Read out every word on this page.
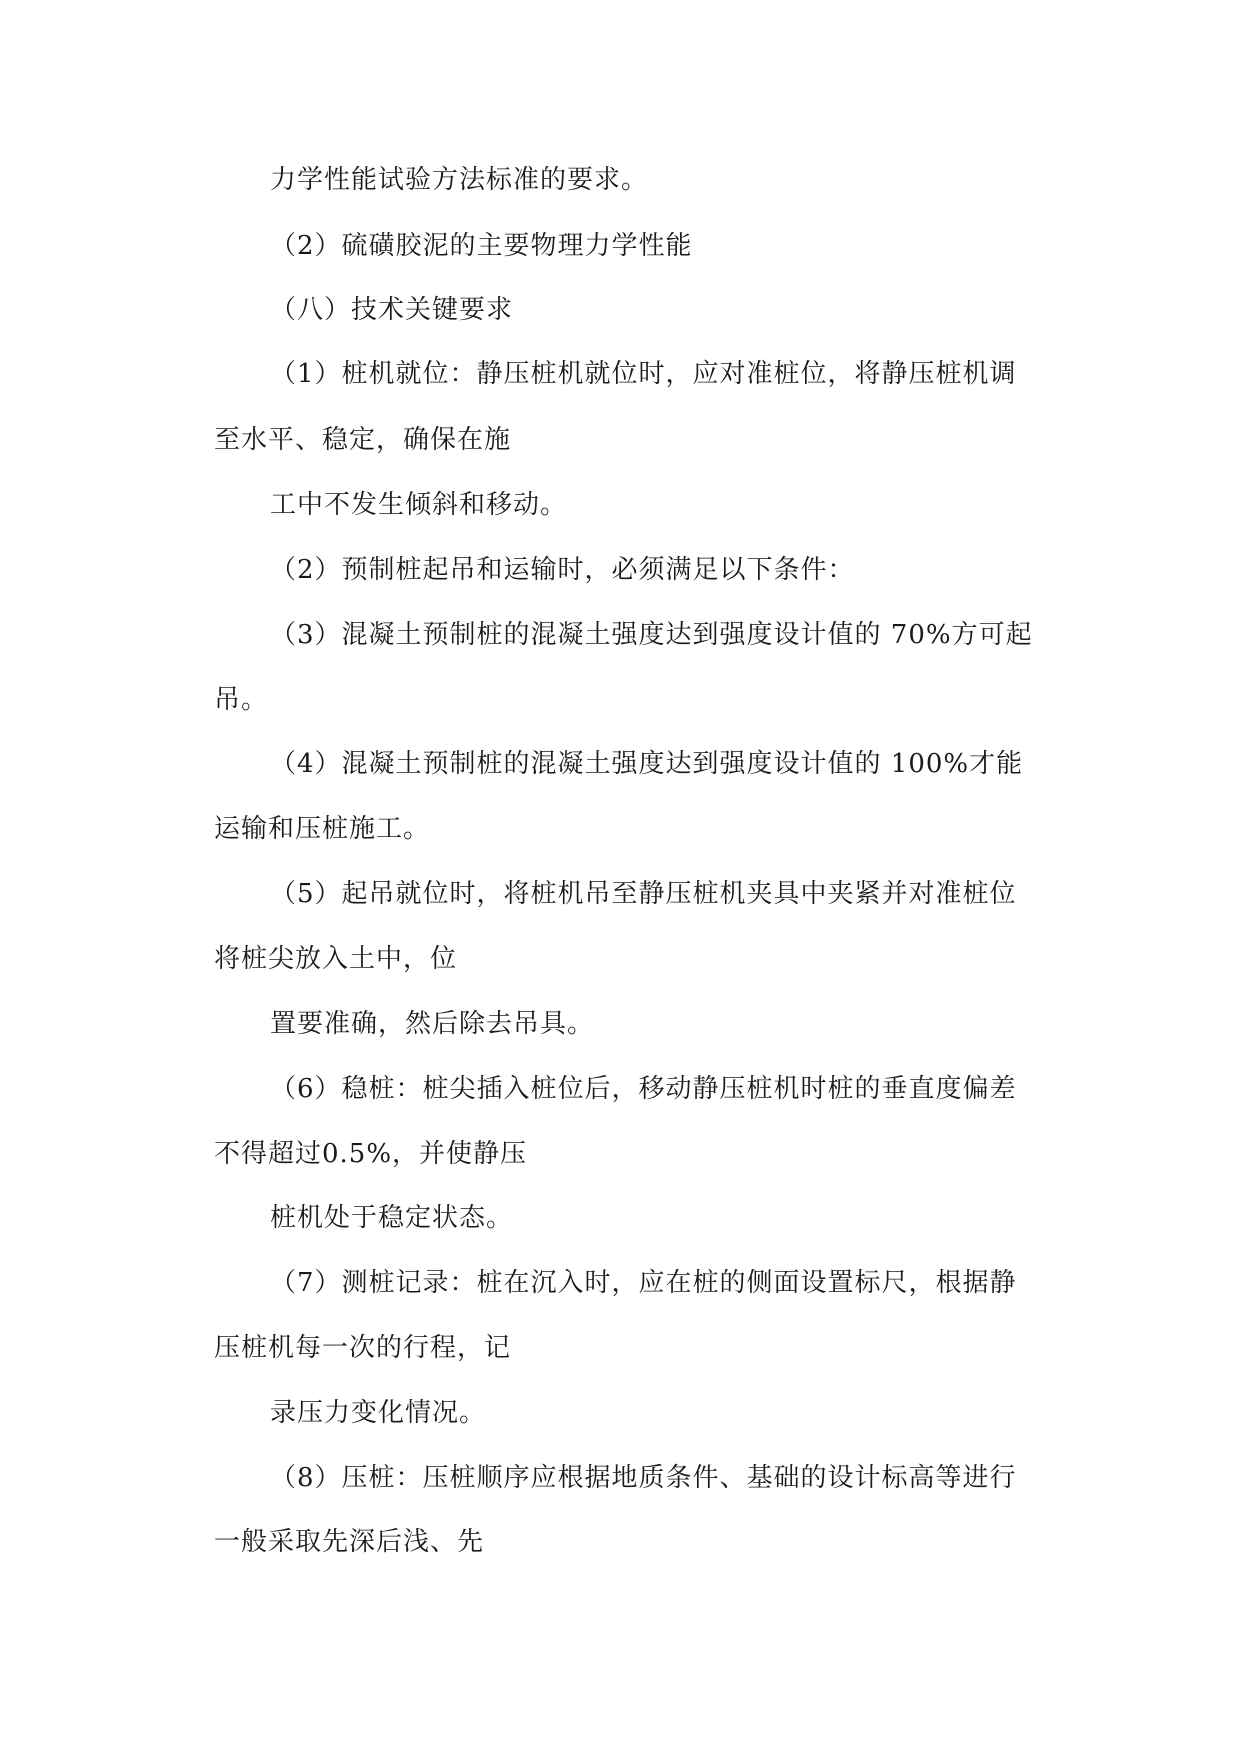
力学性能试验方法标准的要求。
（2）硫磺胶泥的主要物理力学性能
（八）技术关键要求
（1）桩机就位：静压桩机就位时，应对准桩位，将静压桩机调
至水平、稳定，确保在施
工中不发生倾斜和移动。
（2）预制桩起吊和运输时，必须满足以下条件：
（3）混凝土预制桩的混凝土强度达到强度设计值的 70%方可起
吊。
（4）混凝土预制桩的混凝土强度达到强度设计值的 100%才能
运输和压桩施工。
（5）起吊就位时，将桩机吊至静压桩机夹具中夹紧并对准桩位
将桩尖放入土中，位
置要准确，然后除去吊具。
（6）稳桩：桩尖插入桩位后，移动静压桩机时桩的垂直度偏差
不得超过0.5%，并使静压
桩机处于稳定状态。
（7）测桩记录：桩在沉入时，应在桩的侧面设置标尺，根据静
压桩机每一次的行程，记
录压力变化情况。
（8）压桩：压桩顺序应根据地质条件、基础的设计标高等进行
一般采取先深后浅、先
